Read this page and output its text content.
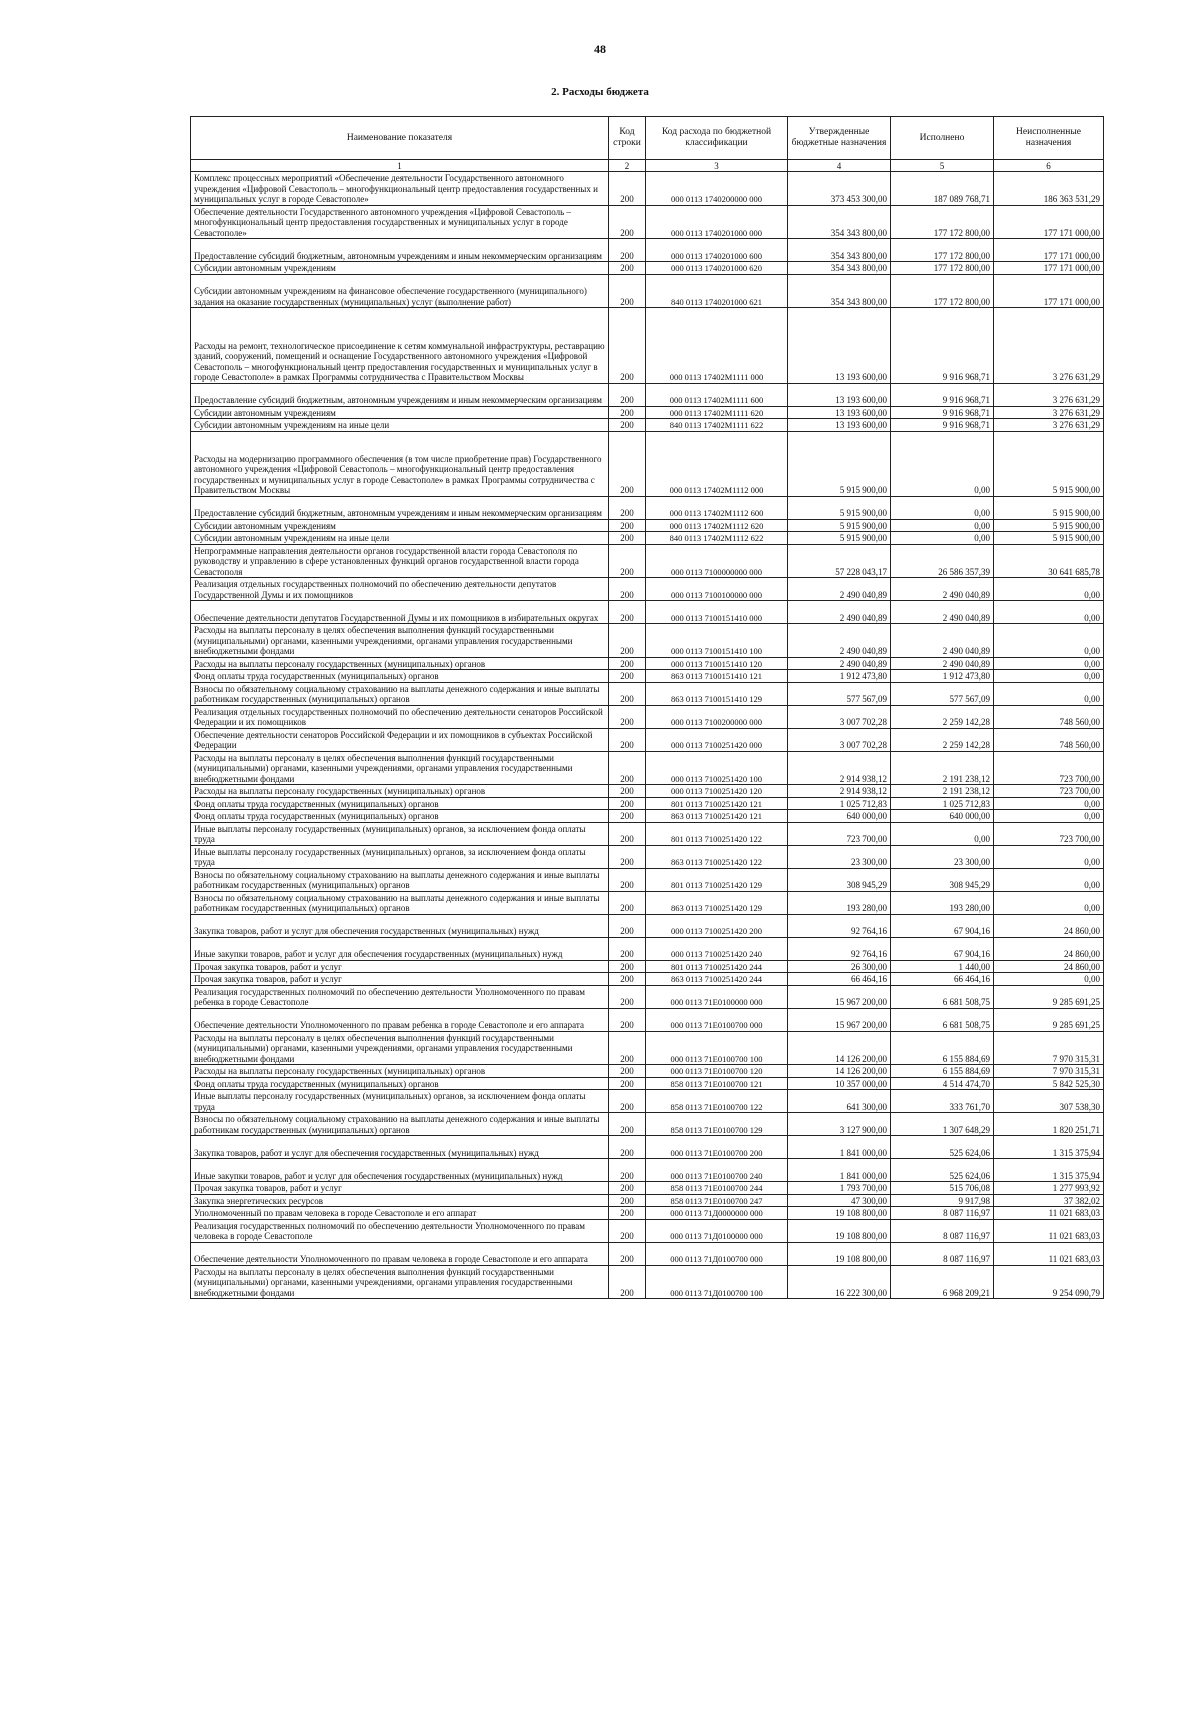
48
2. Расходы бюджета
Наименование показателя	Код строки	Код расхода по бюджетной классификации	Утвержденные бюджетные назначения	Исполнено	Неисполненные назначения
1	2	3	4	5	6
Комплекс процессных мероприятий «Обеспечение деятельности Государственного автономного учреждения «Цифровой Севастополь – многофункциональный центр предоставления государственных и муниципальных услуг в городе Севастополе»	200	000 0113 1740200000 000	373 453 300,00	187 089 768,71	186 363 531,29
Обеспечение деятельности Государственного автономного учреждения «Цифровой Севастополь – многофункциональный центр предоставления государственных и муниципальных услуг в городе Севастополе»	200	000 0113 1740201000 000	354 343 800,00	177 172 800,00	177 171 000,00
Предоставление субсидий бюджетным, автономным учреждениям и иным некоммерческим организациям	200	000 0113 1740201000 600	354 343 800,00	177 172 800,00	177 171 000,00
Субсидии автономным учреждениям	200	000 0113 1740201000 620	354 343 800,00	177 172 800,00	177 171 000,00
Субсидии автономным учреждениям на финансовое обеспечение государственного (муниципального) задания на оказание государственных (муниципальных) услуг (выполнение работ)	200	840 0113 1740201000 621	354 343 800,00	177 172 800,00	177 171 000,00
Расходы на ремонт, технологическое присоединение к сетям коммунальной инфраструктуры, реставрацию зданий, сооружений, помещений и оснащение Государственного автономного учреждения «Цифровой Севастополь – многофункциональный центр предоставления государственных и муниципальных услуг в городе Севастополе» в рамках Программы сотрудничества с Правительством Москвы	200	000 0113 17402M1111 000	13 193 600,00	9 916 968,71	3 276 631,29
Предоставление субсидий бюджетным, автономным учреждениям и иным некоммерческим организациям	200	000 0113 17402M1111 600	13 193 600,00	9 916 968,71	3 276 631,29
Субсидии автономным учреждениям	200	000 0113 17402M1111 620	13 193 600,00	9 916 968,71	3 276 631,29
Субсидии автономным учреждениям на иные цели	200	840 0113 17402M1111 622	13 193 600,00	9 916 968,71	3 276 631,29
Расходы на модернизацию программного обеспечения (в том числе приобретение прав) Государственного автономного учреждения «Цифровой Севастополь – многофункциональный центр предоставления государственных и муниципальных услуг в городе Севастополе» в рамках Программы сотрудничества с Правительством Москвы	200	000 0113 17402M1112 000	5 915 900,00	0,00	5 915 900,00
Предоставление субсидий бюджетным, автономным учреждениям и иным некоммерческим организациям	200	000 0113 17402M1112 600	5 915 900,00	0,00	5 915 900,00
Субсидии автономным учреждениям	200	000 0113 17402M1112 620	5 915 900,00	0,00	5 915 900,00
Субсидии автономным учреждениям на иные цели	200	840 0113 17402M1112 622	5 915 900,00	0,00	5 915 900,00
Непрограммные направления деятельности органов государственной власти города Севастополя по руководству и управлению в сфере установленных функций органов государственной власти города Севастополя	200	000 0113 7100000000 000	57 228 043,17	26 586 357,39	30 641 685,78
Реализация отдельных государственных полномочий по обеспечению деятельности депутатов Государственной Думы и их помощников	200	000 0113 7100100000 000	2 490 040,89	2 490 040,89	0,00
Обеспечение деятельности депутатов Государственной Думы и их помощников в избирательных округах	200	000 0113 7100151410 000	2 490 040,89	2 490 040,89	0,00
Расходы на выплаты персоналу в целях обеспечения выполнения функций государственными (муниципальными) органами, казенными учреждениями, органами управления государственными внебюджетными фондами	200	000 0113 7100151410 100	2 490 040,89	2 490 040,89	0,00
Расходы на выплаты персоналу государственных (муниципальных) органов	200	000 0113 7100151410 120	2 490 040,89	2 490 040,89	0,00
Фонд оплаты труда государственных (муниципальных) органов	200	863 0113 7100151410 121	1 912 473,80	1 912 473,80	0,00
Взносы по обязательному социальному страхованию на выплаты денежного содержания и иные выплаты работникам государственных (муниципальных) органов	200	863 0113 7100151410 129	577 567,09	577 567,09	0,00
Реализация отдельных государственных полномочий по обеспечению деятельности сенаторов Российской Федерации и их помощников	200	000 0113 7100200000 000	3 007 702,28	2 259 142,28	748 560,00
Обеспечение деятельности сенаторов Российской Федерации и их помощников в субъектах Российской Федерации	200	000 0113 7100251420 000	3 007 702,28	2 259 142,28	748 560,00
Расходы на выплаты персоналу в целях обеспечения выполнения функций государственными (муниципальными) органами, казенными учреждениями, органами управления государственными внебюджетными фондами	200	000 0113 7100251420 100	2 914 938,12	2 191 238,12	723 700,00
Расходы на выплаты персоналу государственных (муниципальных) органов	200	000 0113 7100251420 120	2 914 938,12	2 191 238,12	723 700,00
Фонд оплаты труда государственных (муниципальных) органов	200	801 0113 7100251420 121	1 025 712,83	1 025 712,83	0,00
Фонд оплаты труда государственных (муниципальных) органов	200	863 0113 7100251420 121	640 000,00	640 000,00	0,00
Иные выплаты персоналу государственных (муниципальных) органов, за исключением фонда оплаты труда	200	801 0113 7100251420 122	723 700,00	0,00	723 700,00
Иные выплаты персоналу государственных (муниципальных) органов, за исключением фонда оплаты труда	200	863 0113 7100251420 122	23 300,00	23 300,00	0,00
Взносы по обязательному социальному страхованию на выплаты денежного содержания и иные выплаты работникам государственных (муниципальных) органов	200	801 0113 7100251420 129	308 945,29	308 945,29	0,00
Взносы по обязательному социальному страхованию на выплаты денежного содержания и иные выплаты работникам государственных (муниципальных) органов	200	863 0113 7100251420 129	193 280,00	193 280,00	0,00
Закупка товаров, работ и услуг для обеспечения государственных (муниципальных) нужд	200	000 0113 7100251420 200	92 764,16	67 904,16	24 860,00
Иные закупки товаров, работ и услуг для обеспечения государственных (муниципальных) нужд	200	000 0113 7100251420 240	92 764,16	67 904,16	24 860,00
Прочая закупка товаров, работ и услуг	200	801 0113 7100251420 244	26 300,00	1 440,00	24 860,00
Прочая закупка товаров, работ и услуг	200	863 0113 7100251420 244	66 464,16	66 464,16	0,00
Реализация государственных полномочий по обеспечению деятельности Уполномоченного по правам ребенка в городе Севастополе	200	000 0113 71E0100000 000	15 967 200,00	6 681 508,75	9 285 691,25
Обеспечение деятельности Уполномоченного по правам ребенка в городе Севастополе и его аппарата	200	000 0113 71E0100700 000	15 967 200,00	6 681 508,75	9 285 691,25
Расходы на выплаты персоналу в целях обеспечения выполнения функций государственными (муниципальными) органами, казенными учреждениями, органами управления государственными внебюджетными фондами	200	000 0113 71E0100700 100	14 126 200,00	6 155 884,69	7 970 315,31
Расходы на выплаты персоналу государственных (муниципальных) органов	200	000 0113 71E0100700 120	14 126 200,00	6 155 884,69	7 970 315,31
Фонд оплаты труда государственных (муниципальных) органов	200	858 0113 71E0100700 121	10 357 000,00	4 514 474,70	5 842 525,30
Иные выплаты персоналу государственных (муниципальных) органов, за исключением фонда оплаты труда	200	858 0113 71E0100700 122	641 300,00	333 761,70	307 538,30
Взносы по обязательному социальному страхованию на выплаты денежного содержания и иные выплаты работникам государственных (муниципальных) органов	200	858 0113 71E0100700 129	3 127 900,00	1 307 648,29	1 820 251,71
Закупка товаров, работ и услуг для обеспечения государственных (муниципальных) нужд	200	000 0113 71E0100700 200	1 841 000,00	525 624,06	1 315 375,94
Иные закупки товаров, работ и услуг для обеспечения государственных (муниципальных) нужд	200	000 0113 71E0100700 240	1 841 000,00	525 624,06	1 315 375,94
Прочая закупка товаров, работ и услуг	200	858 0113 71E0100700 244	1 793 700,00	515 706,08	1 277 993,92
Закупка энергетических ресурсов	200	858 0113 71E0100700 247	47 300,00	9 917,98	37 382,02
Уполномоченный по правам человека в городе Севастополе и его аппарат	200	000 0113 71Д0000000 000	19 108 800,00	8 087 116,97	11 021 683,03
Реализация государственных полномочий по обеспечению деятельности Уполномоченного по правам человека в городе Севастополе	200	000 0113 71Д0100000 000	19 108 800,00	8 087 116,97	11 021 683,03
Обеспечение деятельности Уполномоченного по правам человека в городе Севастополе и его аппарата	200	000 0113 71Д0100700 000	19 108 800,00	8 087 116,97	11 021 683,03
Расходы на выплаты персоналу в целях обеспечения выполнения функций государственными (муниципальными) органами, казенными учреждениями, органами управления государственными внебюджетными фондами	200	000 0113 71Д0100700 100	16 222 300,00	6 968 209,21	9 254 090,79
